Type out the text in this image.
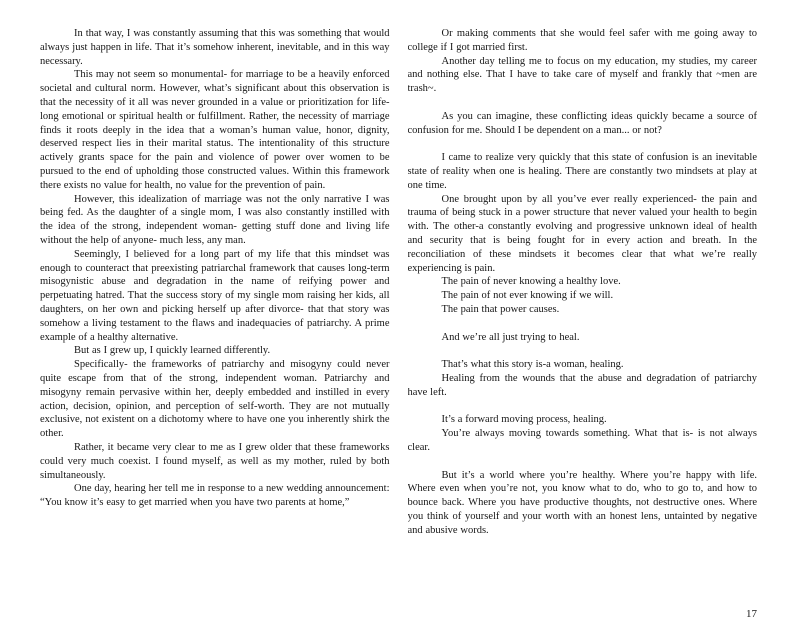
In that way, I was constantly assuming that this was something that would always just happen in life. That it’s somehow inherent, inevitable, and in this way necessary.

This may not seem so monumental- for marriage to be a heavily enforced societal and cultural norm. However, what’s significant about this observation is that the necessity of it all was never grounded in a value or prioritization for life-long emotional or spiritual health or fulfillment. Rather, the necessity of marriage finds it roots deeply in the idea that a woman’s human value, honor, dignity, deserved respect lies in their marital status. The intentionality of this structure actively grants space for the pain and violence of power over women to be pursued to the end of upholding those constructed values. Within this framework there exists no value for health, no value for the prevention of pain.

However, this idealization of marriage was not the only narrative I was being fed. As the daughter of a single mom, I was also constantly instilled with the idea of the strong, independent woman- getting stuff done and living life without the help of anyone- much less, any man.

Seemingly, I believed for a long part of my life that this mindset was enough to counteract that preexisting patriarchal framework that causes long-term misogynistic abuse and degradation in the name of reifying power and perpetuating hatred. That the success story of my single mom raising her kids, all daughters, on her own and picking herself up after divorce- that that story was somehow a living testament to the flaws and inadequacies of patriarchy. A prime example of a healthy alternative.

But as I grew up, I quickly learned differently.

Specifically- the frameworks of patriarchy and misogyny could never quite escape from that of the strong, independent woman. Patriarchy and misogyny remain pervasive within her, deeply embedded and instilled in every action, decision, opinion, and perception of self-worth. They are not mutually exclusive, not existent on a dichotomy where to have one you inherently shirk the other.

Rather, it became very clear to me as I grew older that these frameworks could very much coexist. I found myself, as well as my mother, ruled by both simultaneously.

One day, hearing her tell me in response to a new wedding announcement: “You know it’s easy to get married when you have two parents at home,”

Or making comments that she would feel safer with me going away to college if I got married first.

Another day telling me to focus on my education, my studies, my career and nothing else. That I have to take care of myself and frankly that ~men are trash~.

As you can imagine, these conflicting ideas quickly became a source of confusion for me. Should I be dependent on a man... or not?

I came to realize very quickly that this state of confusion is an inevitable state of reality when one is healing. There are constantly two mindsets at play at one time.

One brought upon by all you’ve ever really experienced- the pain and trauma of being stuck in a power structure that never valued your health to begin with. The other-a constantly evolving and progressive unknown ideal of health and security that is being fought for in every action and breath. In the reconciliation of these mindsets it becomes clear that what we’re really experiencing is pain.

The pain of never knowing a healthy love.

The pain of not ever knowing if we will.

The pain that power causes.

And we’re all just trying to heal.

That’s what this story is-a woman, healing.

Healing from the wounds that the abuse and degradation of patriarchy have left.

It’s a forward moving process, healing.

You’re always moving towards something. What that is- is not always clear.

But it’s a world where you’re healthy. Where you’re happy with life. Where even when you’re not, you know what to do, who to go to, and how to bounce back. Where you have productive thoughts, not destructive ones. Where you think of yourself and your worth with an honest lens, untainted by negative and abusive words.

17
